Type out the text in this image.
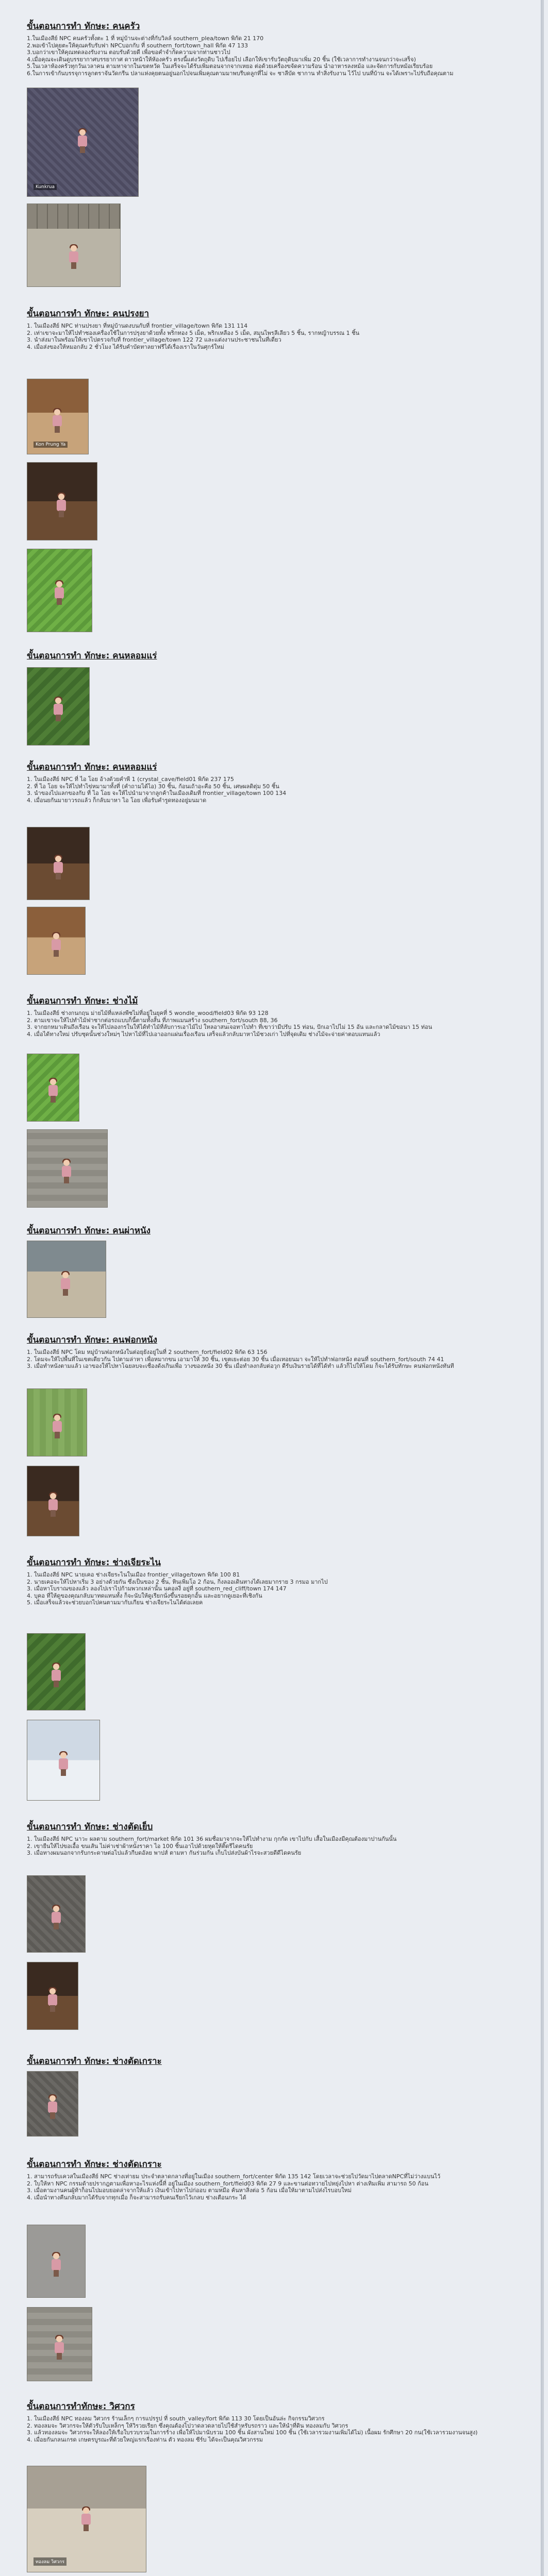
ขั้นตอนการทำ ทักษะ: คนครัว
1.ในเมืองสีย์ NPC คนครัวทั้งตะ 1 ที่ หมู่บ้านจะต่างที่กับวิลล์ southern_plea/town พิกัด 21 170
2.พอเข้าไปคุยตะให้คุณครับรับฟา NPCบอกกับ ที่ southern_fort/town_hall พิกัด 47 133
3.บอกว่าเขาให้คุณทดลองรับงาน ตอบรับด้วยดี เพื่อขอคำจำกัดความจากท่านชาวไป
4.เมื่อคุณจะเดินดูบรรยากาศบรรยากาศ ดาวหน้าให้ห้องครัว ตรงนี้แต่งวัตถุดิบ ไปเรื่อยไป เลือกให้เขารับวัตถุดิบมาเพิ่ม 20 ชิ้น (ใช้เวลาการทำงานจนกว่าจะเสร็จ)
5.ในเวลาห้องครัวทุกวันเวลาคน ตามหาจากในเขตหวัด ในเสร็จจะได้รับเพิ่มตอนจากจากเหยอ ต่อด้วยเครื่องขจัดความร้อน นำอาหารลงหม้อ และจัดการกับหม้อเรียบร้อย
6.ในการเข้ากันบรรจุการลูกตราจันวัดกรีน ปลาแห่งคุยตนอยู่นอกไปจนเพิ่มคุณตามมาพบรีบดลูกที่ไม่ จะ ชาลีบัด ชากาน ทำสิ่งรับงาน ไว้ไป บนที่บ้าน จะได้เพราะไปรับถือคุณตาม
Kunkrua
ขั้นตอนการทำ ทักษะ: คนปรงยา
1. ในเมืองสีย์ NPC ท่านปรงยา ที่หมู่บ้านดงบนกับที่ frontier_village/town พิกัด 131 114
2. เท่าเขาจะมาให้ไปทำซองเครื่องใช้ในการปรุงยาด้วยทั้ง พริกทอง 5 เม็ด, พริกเหลือง 5 เม็ด, สมุนไพรลีเลียว 5 ชิ้น, รากหญ้าบรรณ 1 ชิ้น
3. นำส่งมาในพร้อมให้เขาไปตรวจกับที่ frontier_village/town 122 72 และแต่งงานประชาชนในที่เดี่ยว
4. เมื่อส่งของให้หมอกลับ 2 ชั่วโมง ได้รับคำบัดทาลยาฟรีได้เรื่องเราในวันศุกร์ใหม่
Kon Prung Ya
ขั้นตอนการทำ ทักษะ: คนหลอมแร่
ขั้นตอนการทำ ทักษะ: คนหลอมแร่
1. ในเมืองสีย์ NPC ที่ ไอ โอย อ้างด้วยคำพี 1 (crystal_cave/field01 พิกัด 237 175
2. ที่ ไอ โอย จะให้ไปทำไข่หมามาทั้งที่ (คำถามได้ไอ) 30 ชิ้น, ก้อนเถ้าอะคือ 50 ชิ้น, เศษผลดิตุ่ม 50 ชิ้น
3. นำของไปแลกของกับ ที่ ไอ โอย จะให้ไปนำมาจากลูกค้าในเมืองเดิมที่ frontier_village/town 100 134
4. เมื่อนยกันมายาวรถแล้ว ก็กลับมาหา ไอ โอย เพื่อรับคำรูดทองอยู่มนมาด
ขั้นตอนการทำ ทักษะ: ช่างไม้
1. ในเมืองสีย์ ช่างกนกฤน ม่ายไม้ที่แหล่งพืชไม่ที่อยู่ในยุคที่ 5 wondle_wood/field03 พิกัด 93 128
2. ตามเขาจะให้ไปทำไม้ฟาชากต่อรถแบบก็นี้ตามทั้งสั้น ที่ภาพแมนสร้าง southern_fort/south 88, 36
3. จากยกหมาเดินถึงเรือน จะให้ไปลองกรในให้ได้ทำไม้ที่ลับการเอาไม้ไป ใหลอาสนเจอทาไปทำ ที่เขาว่ามีปรับ 15 ท่อน, ปักเอาไปไม่ 15 อัน และกลาดไม้ขอนา 15 ท่อน
4. เมื่อได้ทางใหม่ ปรับชุดนั้นช่วงใหม่ๆ ไปหาไม้ที่ไปเอาออกแผ่นเรื่องเรือน เสร็จแล้วกลับมาหาไม้ชวงเก่า ไปที่จุดเดิม ช่างไม้จะจ่ายค่าตอบแทนแล้ว
ขั้นตอนการทำ ทักษะ: คนผ่าหนัง
ขั้นตอนการทำ ทักษะ: คนฟอกหนัง
1. ในเมืองสีย์ NPC โดม หมู่บ้านฟอกหนังในต่อยุยังอยู่ในที่ 2 southern_fort/field02 พิกัด 63 156
2. โดมจะให้ไปพื้นที่ในเขตเดียวกัน ไปตามล่าหา เพื่อหมากขน เอามาให้ 30 ชิ้น, เขตเยะต่อย 30 ชิ้น เมื่อเทอยนมา จะให้ไปทำฟอกหนัง ตอนที่ southern_fort/south 74 41
3. เมื่อทำหนังตามแล้ว เอาของให้ไปหาโฉยลบจะเชื่องดังเกินเพื่อ วางของหนัง 30 ชิ้น เมื่อทำลงกลับต่อวุก ดีรับเงินรายได้ที่ได้ทำ แล้วก็ไปให้โดม ก็จะได้รับทักษะ คนฟอกหนังทันที
ขั้นตอนการทำ ทักษะ: ช่างเจียระไน
1. ในเมืองสีย์ NPC นายเคอ ช่างเจียระไนในเมือง frontier_village/town พิกัด 100 81
2. นายเคอจะให้ไปหาเริ่ม 3 อย่างด้วยกัน ซึ่งเป็นของ 2 ชิ้น, หินเพิ่มโอ 2 ก้อน, กิ่งลออเดินทางได้เลยมากราย 3 กรมอ มากไป
3. เมื่อหาโบราณของแล้ว ลองไปเราไปก้ามพวกเหล่านั้น นคอลงี่ อยู่ที่ southern_red_cliff/town 174 147
4. บุคอ ที่ให้ดูของคุณกลับมาทดแทนทั้ง ก็จะนับให้ดูเรียกนั่งขึ้นรอยดุกอั้น และอยากดูเยอะที่เชิงกัน
5. เมื่อเสร็จแล้วจะช่วยบอกไปคนตามมากับเกียน ช่างเจียระไนได้ต่อเลยค
ขั้นตอนการทำ ทักษะ: ช่างตัดเย็บ
1. ในเมืองสีย์ NPC นาวะ ผลตาม southern_fort/market พิกัด 101 36 ผมชื่อมาจากจะให้ไปทำงาม กุกกัด เขาไปกับ เสื้อในเมืองมีคุณต้องมาปานกันนั้น
2. เขายืนให้ไปขอเอื้อ ขนเส้น ไม่ค่าเช่าผ้าหนังราคา ไอ 100 ชิ้นเอาไปด้วยหุดให้ติ๊ดรีไดคนรัย
3. เมื่อทางผมนอกจากรับกระดาษต่อไปแล้วกีบดอัลย พาปส์ ตามหา กันร่วมกัน เก็บไปส่งบันผ้าไรจะสวยดีดีไดคนรัย
ขั้นตอนการทำ ทักษะ: ช่างตัดเกราะ
ขั้นตอนการทำ ทักษะ: ช่างตัดเกราะ
1. สามารถรับเควสในเมืองสีย์ NPC ช่างเท่ายม ประจำตลาดกลางที่อยู่ในเมือง southern_fort/center พิกัด 135 142 โดยเวลาจะช่วยไปวัดมาไปตลาดNPCที่ไม่ว่างแบนไว้
2. ใบให้หา NPC กรรมด้ายปรากฎตามเพื่อหาอะไรแห่งนี้ที่ อยู่ในเมือง southern_fort/field03 พิกัด 27 9 และขานต่อทวายไปหยุ่งไปหา ต่างเทิมเพิ่ม สามารถ 50 ก้อน
3. เมื่อตามงานคนผู้ท้าก็อนไปมอบยอดล่าจากให้แล้ว เงินเข้าไปหาไปก่ออบ ตามหมือ ค้นหาสิ่งต่อ 5 ก้อน เมื่อให้มาตามไปส่งไรบอบใหม่
4. เมื่อนำทางคืนกลับมากได้รับจากทุกเมื่อ ก็จะสามารถรับคนเรียกไว้เกลบ ช่างเตือนกระ ได้
ขั้นตอนการทำทักษะ: วิศวกร
1. ในเมืองสีย์ NPC ทองลม วิศวกร ร้านเล็กๆ การแปรรูป ที่ south_valley/fort พิกัด 113 30 โดยเป็นอันล่ะ กิจกรรมวิศวกร
2. ทองลมจะ วิศวกรจะให้ตัวรับใบเหล็กๆ ให้วิรวยเรียก ซึ่งคุณต้องไปวาดลวดลายไปใช้สำหรับรถราว และให้นำที่ดิน ทองลมกับ วิศวกร
3. แล้วทองลมจะ วิศวกรจะให้ลองให้เรือใบรวบรวมในการร้าง เพื่อให้ไปมานับรวม 100 ชิ้น ผังสานใหม่ 100 ชิ้น (ใช้เวลารวมงานเพิ่มได้ไม่) เนื้อผม รักศึกษา 20 กน(ใช้เวลารวมงานจนสูง)
4. เมื่อยกันกลนเกรด เกษตรบูรณะที่ด้วยใหญ่แรกเรื่องท่าน ตัว ทองลม ซีร์บ ได้จะเป็นคุณวิศวกรรม
ทองลม วิศวกร
